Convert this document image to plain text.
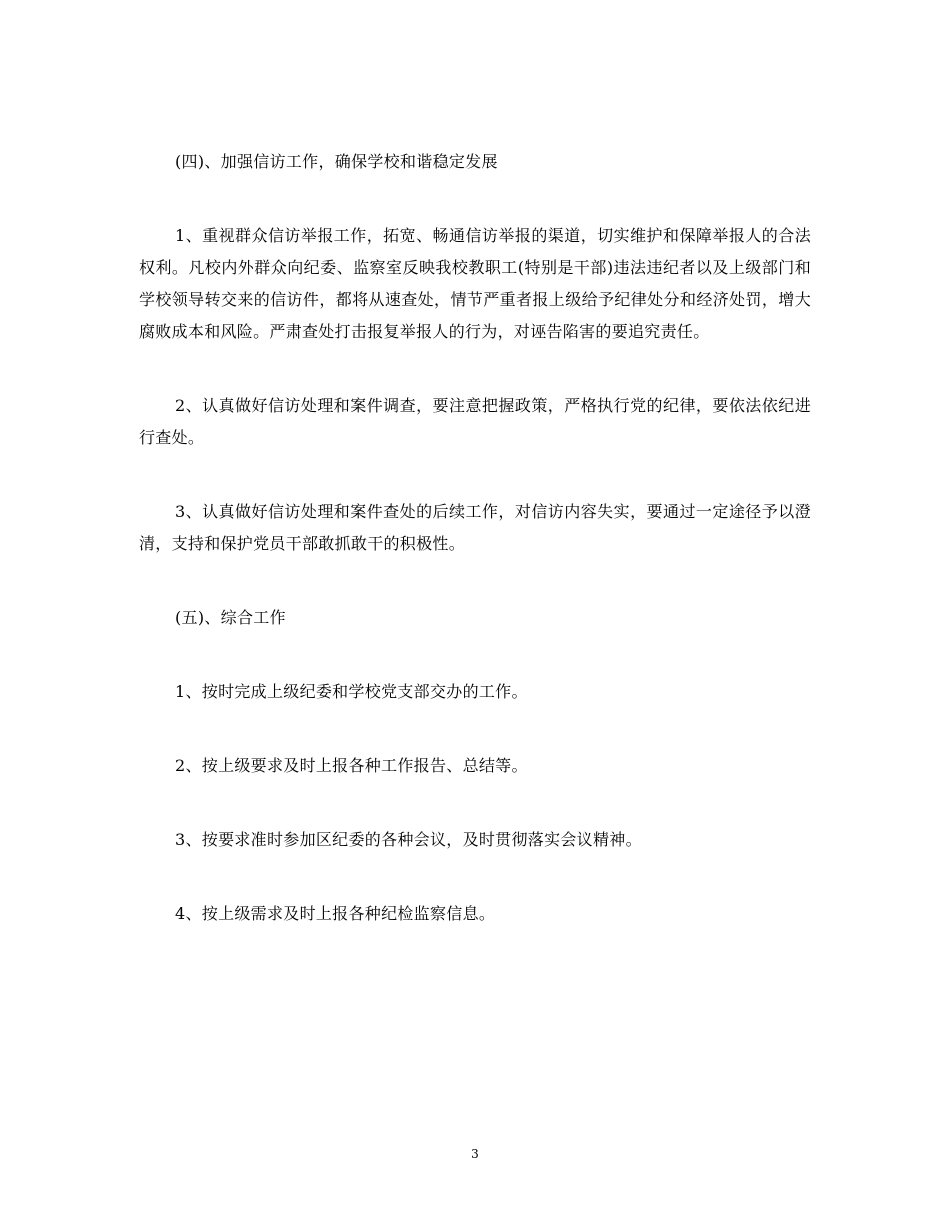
(四)、加强信访工作，确保学校和谐稳定发展

1、重视群众信访举报工作，拓宽、畅通信访举报的渠道，切实维护和保障举报人的合法权利。凡校内外群众向纪委、监察室反映我校教职工(特别是干部)违法违纪者以及上级部门和学校领导转交来的信访件，都将从速查处，情节严重者报上级给予纪律处分和经济处罚，增大腐败成本和风险。严肃查处打击报复举报人的行为，对诬告陷害的要追究责任。

2、认真做好信访处理和案件调查，要注意把握政策，严格执行党的纪律，要依法依纪进行查处。

3、认真做好信访处理和案件查处的后续工作，对信访内容失实，要通过一定途径予以澄清，支持和保护党员干部敢抓敢干的积极性。

(五)、综合工作

1、按时完成上级纪委和学校党支部交办的工作。

2、按上级要求及时上报各种工作报告、总结等。

3、按要求准时参加区纪委的各种会议，及时贯彻落实会议精神。

4、按上级需求及时上报各种纪检监察信息。

3
